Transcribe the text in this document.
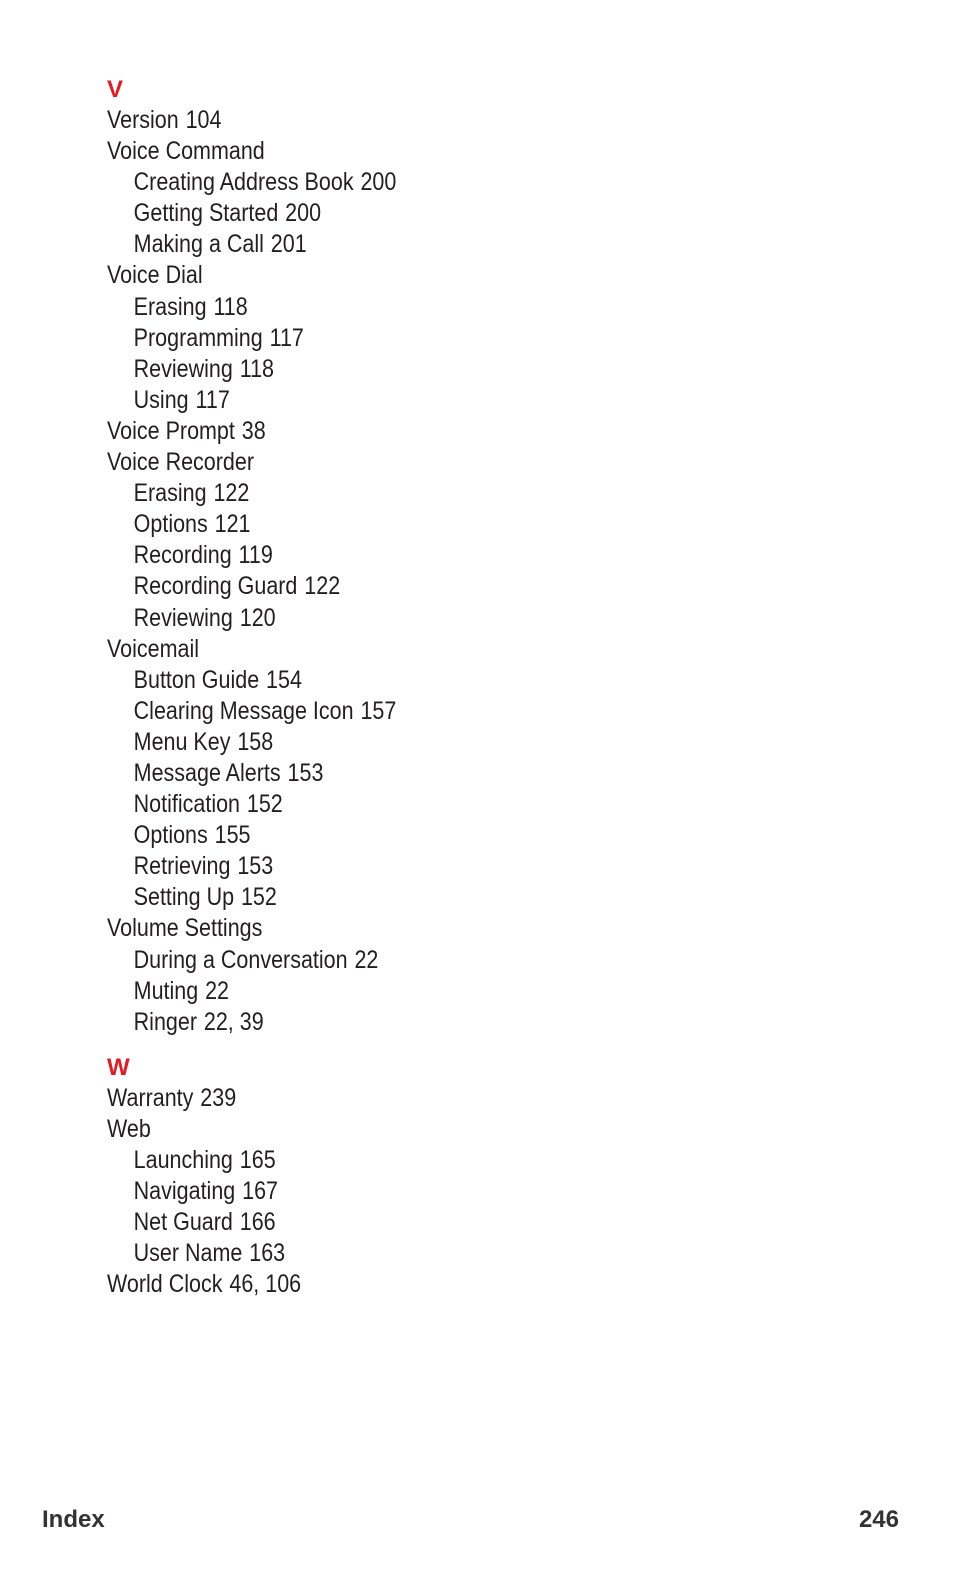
V
Version 104
Voice Command
Creating Address Book 200
Getting Started 200
Making a Call 201
Voice Dial
Erasing 118
Programming 117
Reviewing 118
Using 117
Voice Prompt 38
Voice Recorder
Erasing 122
Options 121
Recording 119
Recording Guard 122
Reviewing 120
Voicemail
Button Guide 154
Clearing Message Icon 157
Menu Key 158
Message Alerts 153
Notification 152
Options 155
Retrieving 153
Setting Up 152
Volume Settings
During a Conversation 22
Muting 22
Ringer 22, 39
W
Warranty 239
Web
Launching 165
Navigating 167
Net Guard 166
User Name 163
World Clock 46, 106
Index	246
